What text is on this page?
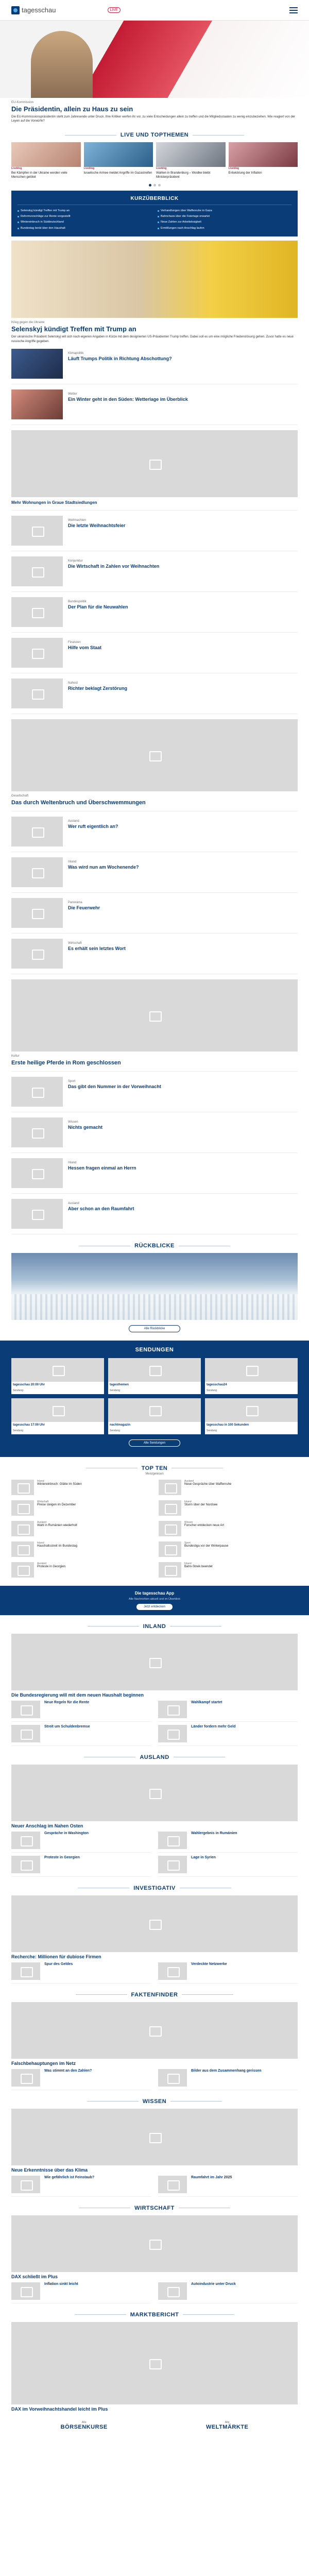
tagesschau	LIVE
EU-Kommission
Die Präsidentin, allein zu Haus zu sein
Die EU-Kommissionspräsidentin steht zum Jahresende unter Druck. Ihre Kritiker werfen ihr vor, zu viele Entscheidungen allein zu treffen und die Mitgliedsstaaten zu wenig einzubeziehen. Wie reagiert von der Leyen auf die Vorwürfe?
LIVE UND TOPTHEMEN
Liveblog
Bei Kämpfen in der Ukraine werden viele Menschen getötet
Liveblog
Israelische Armee meldet Angriffe im Gazastreifen
Liveblog
Wahlen in Brandenburg – Woidke bleibt Ministerpräsident
Liveblog
Entwicklung der Inflation
KURZÜBERBLICK
Selenskyj kündigt Treffen mit Trump an	Verhandlungen über Waffenruhe in Gaza
Reformvorschläge zur Rente vorgestellt	Bahnchaos über die Feiertage erwartet
Wintereinbruch in Süddeutschland	Neue Zahlen zur Arbeitslosigkeit
Bundestag berät über den Haushalt	Ermittlungen nach Anschlag laufen
Krieg gegen die Ukraine
Selenskyj kündigt Treffen mit Trump an
Der ukrainische Präsident Selenskyj will sich nach eigenen Angaben in Kürze mit dem designierten US-Präsidenten Trump treffen. Dabei soll es um eine mögliche Friedenslösung gehen. Zuvor hatte es neue russische Angriffe gegeben.
Klimapolitik
Läuft Trumps Politik in Richtung Abschottung?
Wetter
Ein Winter geht in den Süden: Wetterlage im Überblick
Mehr Wohnungen in Graue Stadtsiedlungen
Weihnachten
Die letzte Weihnachtsfeier
Konjunktur
Die Wirtschaft in Zahlen vor Weihnachten
Bundespolitik
Der Plan für die Neuwahlen
Finanzen
Hilfe vom Staat
Nahost
Richter beklagt Zerstörung
Gesellschaft
Das durch Weltenbruch und Überschwemmungen
Ausland
Wer ruft eigentlich an?
Inland
Was wird nun am Wochenende?
Panorama
Die Feuerwehr
Wirtschaft
Es erhält sein letztes Wort
Kultur
Erste heilige Pferde in Rom geschlossen
Sport
Das gibt den Nummer in der Vorweihnacht
Wissen
Nichts gemacht
Inland
Hessen fragen einmal an Herrn
Ausland
Aber schon an den Raumfahrt
RÜCKBLICKE
Alle Rückblicke
SENDUNGEN
tagesschau 20:00 Uhr
Sendung
tagesthemen
Sendung
tagesschau24
Sendung
tagesschau 17:00 Uhr
Sendung
nachtmagazin
Sendung
tagesschau in 100 Sekunden
Sendung
Alle Sendungen
TOP TEN
Meistgelesen
Inland
Wintereinbruch: Glätte im Süden
Ausland
Neue Gespräche über Waffenruhe
Wirtschaft
Preise steigen im Dezember
Inland
Sturm über der Nordsee
Ausland
Wahl in Rumänien wiederholt
Wissen
Forscher entdecken neue Art
Inland
Haushaltsstreit im Bundestag
Sport
Bundesliga vor der Winterpause
Ausland
Proteste in Georgien
Inland
Bahn-Streik beendet
Die tagesschau App
Alle Nachrichten aktuell und im Überblick
Jetzt entdecken
INLAND
Die Bundesregierung will mit dem neuen Haushalt beginnen
Neue Regeln für die Rente	Wahlkampf startet
Streit um Schuldenbremse	Länder fordern mehr Geld
AUSLAND
Neuer Anschlag im Nahen Osten
Gespräche in Washington	Wahlergebnis in Rumänien
Proteste in Georgien	Lage in Syrien
INVESTIGATIV
Recherche: Millionen für dubiose Firmen
Spur des Geldes	Verdeckte Netzwerke
FAKTENFINDER
Falschbehauptungen im Netz
Was stimmt an den Zahlen?	Bilder aus dem Zusammenhang gerissen
WISSEN
Neue Erkenntnisse über das Klima
Wie gefährlich ist Feinstaub?	Raumfahrt im Jahr 2025
WIRTSCHAFT
DAX schließt im Plus
Inflation sinkt leicht	Autoindustrie unter Druck
MARKTBERICHT
DAX im Vorweihnachtshandel leicht im Plus
Alle
BÖRSENKURSE
Alle
WELTMÄRKTE
